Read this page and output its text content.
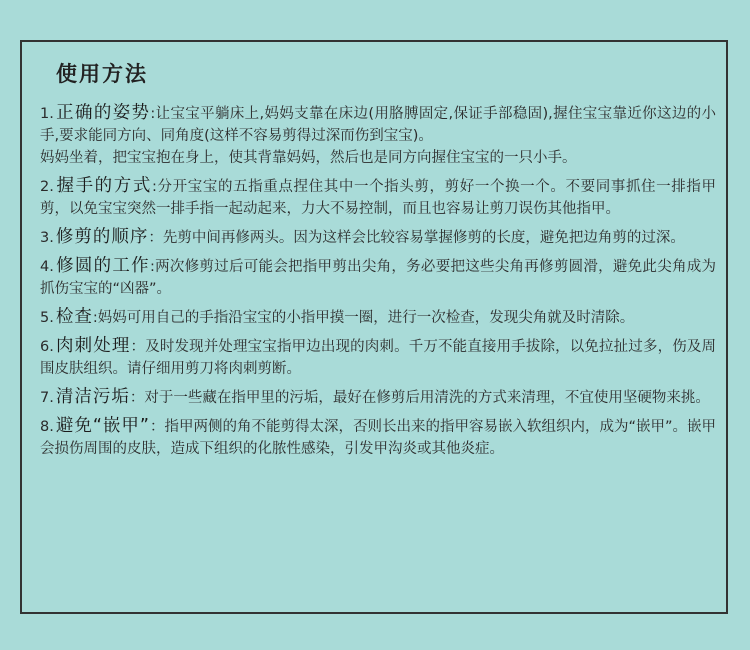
使用方法
1. 正确的姿势:让宝宝平躺床上,妈妈支靠在床边(用胳膊固定,保证手部稳固),握住宝宝靠近你这边的小手,要求能同方向、同角度(这样不容易剪得过深而伤到宝宝)。
妈妈坐着，把宝宝抱在身上，使其背靠妈妈，然后也是同方向握住宝宝的一只小手。
2. 握手的方式:分开宝宝的五指重点捏住其中一个指头剪，剪好一个换一个。不要同事抓住一排指甲剪，以免宝宝突然一排手指一起动起来，力大不易控制，而且也容易让剪刀误伤其他指甲。
3. 修剪的顺序：先剪中间再修两头。因为这样会比较容易掌握修剪的长度，避免把边角剪的过深。
4. 修圆的工作:两次修剪过后可能会把指甲剪出尖角，务必要把这些尖角再修剪圆滑，避免此尖角成为抓伤宝宝的“凶器”。
5. 检查:妈妈可用自己的手指沿宝宝的小指甲摸一圈，进行一次检查，发现尖角就及时清除。
6. 肉刺处理：及时发现并处理宝宝指甲边出现的肉刺。千万不能直接用手拔除，以免拉扯过多，伤及周围皮肤组织。请仔细用剪刀将肉刺剪断。
7. 清洁污垢：对于一些藏在指甲里的污垢，最好在修剪后用清洗的方式来清理，不宜使用坚硬物来挑。
8. 避免“嵌甲”：指甲两侧的角不能剪得太深，否则长出来的指甲容易嵌入软组织内，成为“嵌甲”。嵌甲会损伤周围的皮肤，造成下组织的化脓性感染，引发甲沟炎或其他炎症。
